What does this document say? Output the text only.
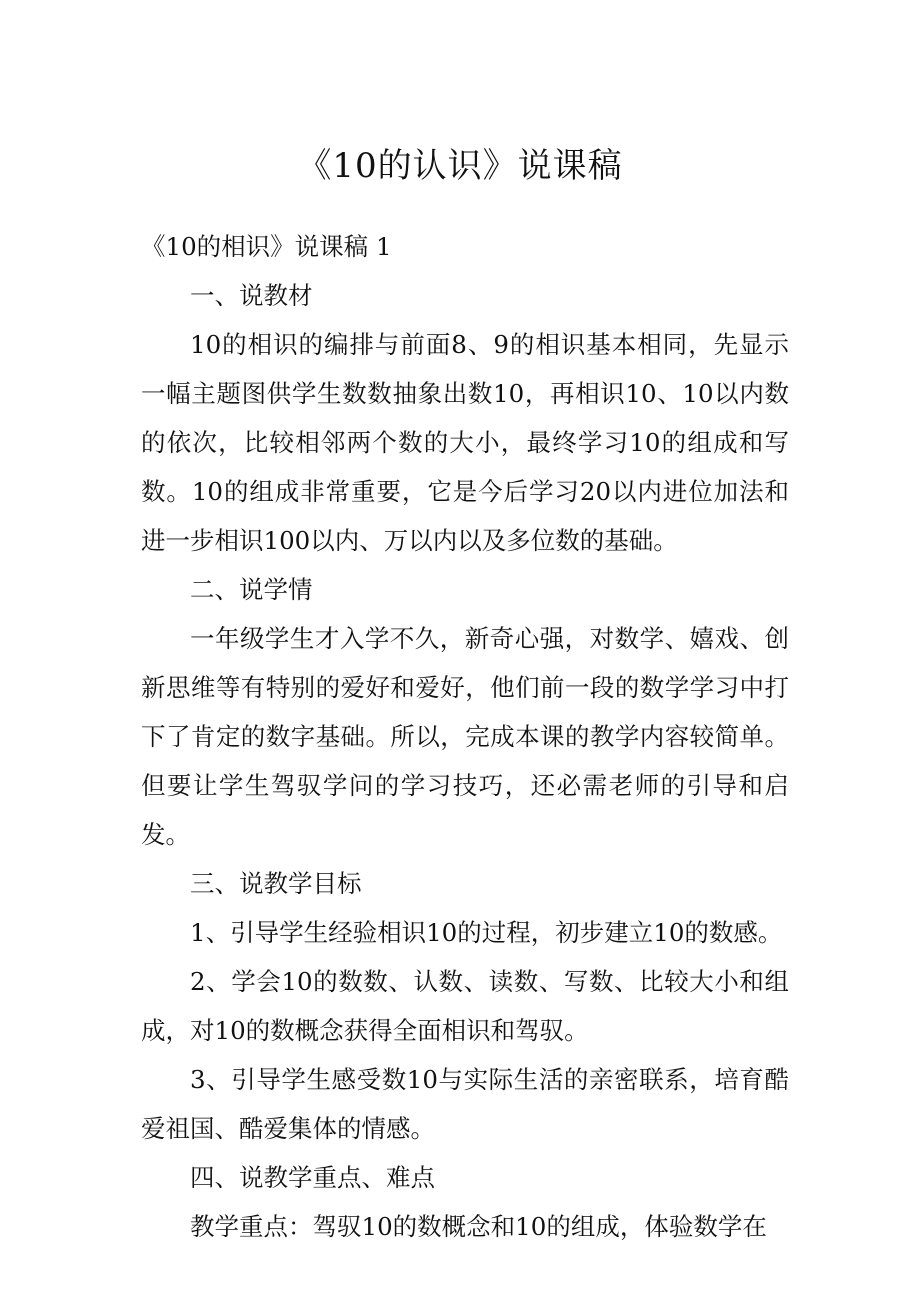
《10的认识》说课稿

《10的相识》说课稿 1

一、说教材

10的相识的编排与前面8、9的相识基本相同，先显示一幅主题图供学生数数抽象出数10，再相识10、10以内数的依次，比较相邻两个数的大小，最终学习10的组成和写数。10的组成非常重要，它是今后学习20以内进位加法和进一步相识100以内、万以内以及多位数的基础。

二、说学情

一年级学生才入学不久，新奇心强，对数学、嬉戏、创新思维等有特别的爱好和爱好，他们前一段的数学学习中打下了肯定的数字基础。所以，完成本课的教学内容较简单。但要让学生驾驭学问的学习技巧，还必需老师的引导和启发。

三、说教学目标

1、引导学生经验相识10的过程，初步建立10的数感。

2、学会10的数数、认数、读数、写数、比较大小和组成，对10的数概念获得全面相识和驾驭。

3、引导学生感受数10与实际生活的亲密联系，培育酷爱祖国、酷爱集体的情感。

四、说教学重点、难点

教学重点：驾驭10的数概念和10的组成，体验数学在
